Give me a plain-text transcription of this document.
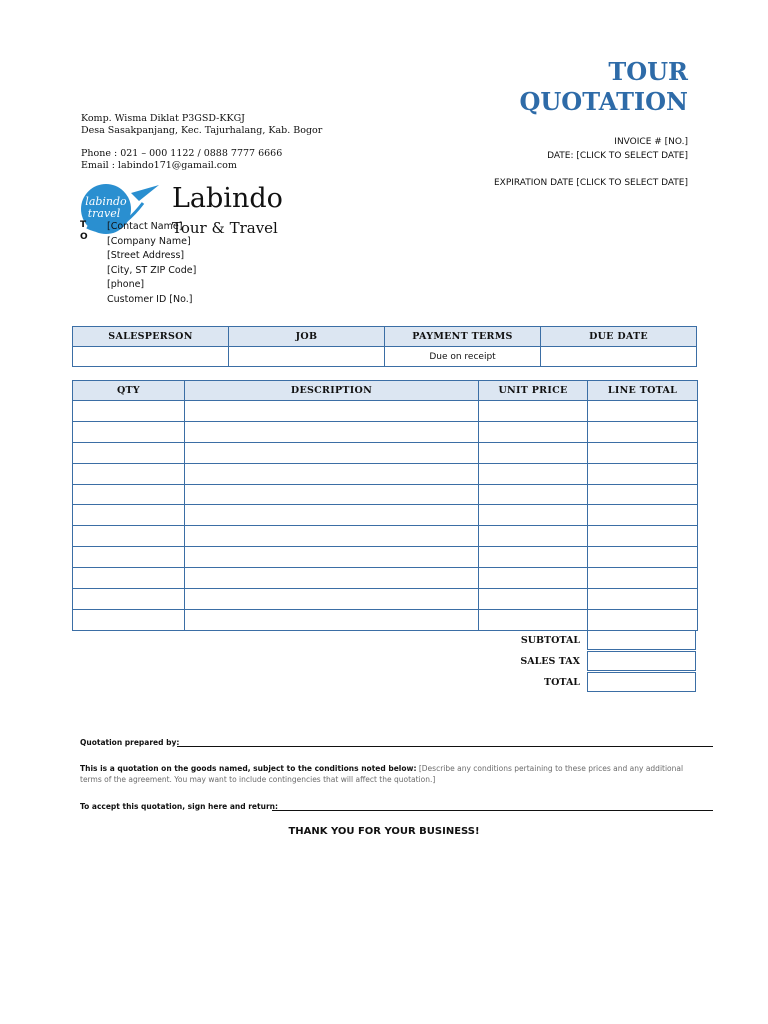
TOUR
QUOTATION
Komp. Wisma Diklat P3GSD-KKGJ
Desa Sasakpanjang, Kec. Tajurhalang, Kab. Bogor
Phone : 021 – 000 1122 / 0888 7777 6666
Email : labindo171@gamail.com
INVOICE # [NO.]
DATE: [CLICK TO SELECT DATE]
EXPIRATION DATE [CLICK TO SELECT DATE]
labindo
travel Labindo
T
O
[Contact Name]
[Company Name]
[Street Address]
[City, ST ZIP Code]
[phone]
Customer ID [No.]
Tour & Travel
SALESPERSON	JOB	PAYMENT TERMS	DUE DATE
		Due on receipt	
QTY	DESCRIPTION	UNIT PRICE	LINE TOTAL

SUBTOTAL
SALES TAX
TOTAL
Quotation prepared by:
This is a quotation on the goods named, subject to the conditions noted below: [Describe any conditions pertaining to these prices and any additional
terms of the agreement. You may want to include contingencies that will affect the quotation.]
To accept this quotation, sign here and return:
THANK YOU FOR YOUR BUSINESS!
